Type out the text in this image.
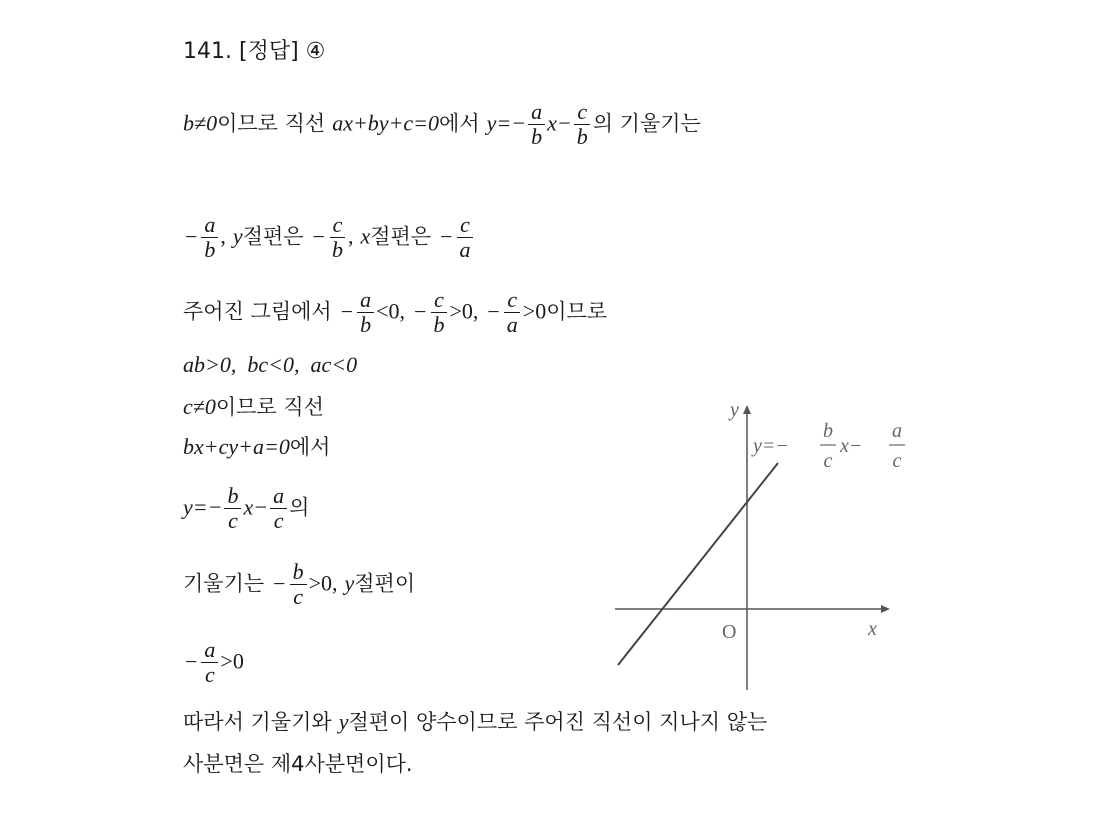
141. [정답] ④
b≠0이므로 직선 ax+by+c=0에서 $y=- \frac{a}{b} x- \frac{c}{b}$ 의 기울기는
− $\frac{a}{b}$ , y절편은 − $\frac{c}{b}$ , x절편은 − $\frac{c}{a}$
주어진 그림에서 − $\frac{a}{b} <0$, − $\frac{c}{b} >0$, − $\frac{c}{a} >0$이므로
ab>0,  bc<0,  ac<0
c≠0이므로 직선
bx+cy+a=0에서
$y=- \frac{b}{c} x- \frac{a}{c}$ 의
기울기는 − $\frac{b}{c} >0$, y절편이
− $\frac{a}{c} >0$
따라서 기울기와 y절편이 양수이므로 주어진 직선이 지나지 않는
사분면은 제4사분면이다.
y
x
O
y=−
b
c
x−
a
c
